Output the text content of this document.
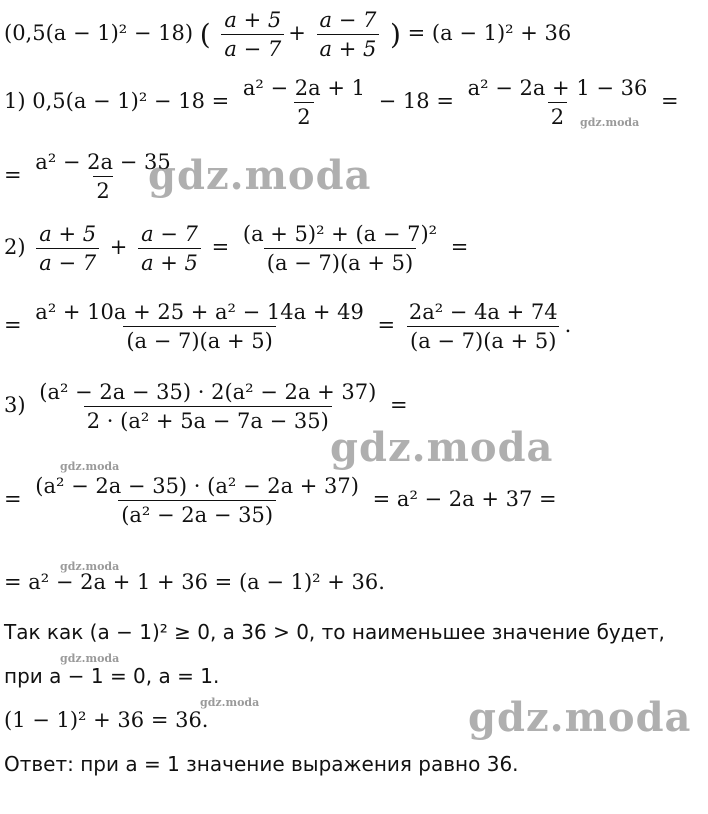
(0,5(a − 1)² − 18) ( $\frac{a + 5}{a - 7} + \frac{a - 7}{a + 5}$ ) = (a − 1)² + 36
1) $0,5(a - 1)^2 - 18 = \frac{\text{a² − 2a + 1}}{2} - 18 = \frac{\text{a² − 2a + 1 − 36}}{2}$ =
= $\frac{\text{a² − 2a − 35}}{2}$
$2) \frac{a + 5}{a - 7} + \frac{a - 7}{a + 5} = \frac{\text{(a + 5)² + (a − 7)²}}{(a - 7)(a + 5)}$ =
= $\frac{\text{a² + 10a + 25 + a² − 14a + 49}}{(a - 7)(a + 5)} = \frac{\text{2a² − 4a + 74}}{(a - 7)(a + 5)}$ .
$3) \frac{\text{(a² − 2a − 35) · 2(a² − 2a + 37)}}{\text{2 · (a² + 5a − 7a − 35)}}$ =
= $\frac{\text{(a² − 2a − 35) · (a² − 2a + 37)}}{\text{(a² − 2a − 35)}} = a^2 - 2a + 37$ =
= a² − 2a + 1 + 36 = (a − 1)² + 36.
Так как (a − 1)² ≥ 0, а 36 > 0, то наименьшее значение будет,
при a − 1 = 0, a = 1.
(1 − 1)² + 36 = 36.
Ответ: при a = 1 значение выражения равно 36.
gdz.moda
gdz.moda
gdz.moda
gdz.moda
gdz.moda
gdz.moda
gdz.moda
gdz.moda
